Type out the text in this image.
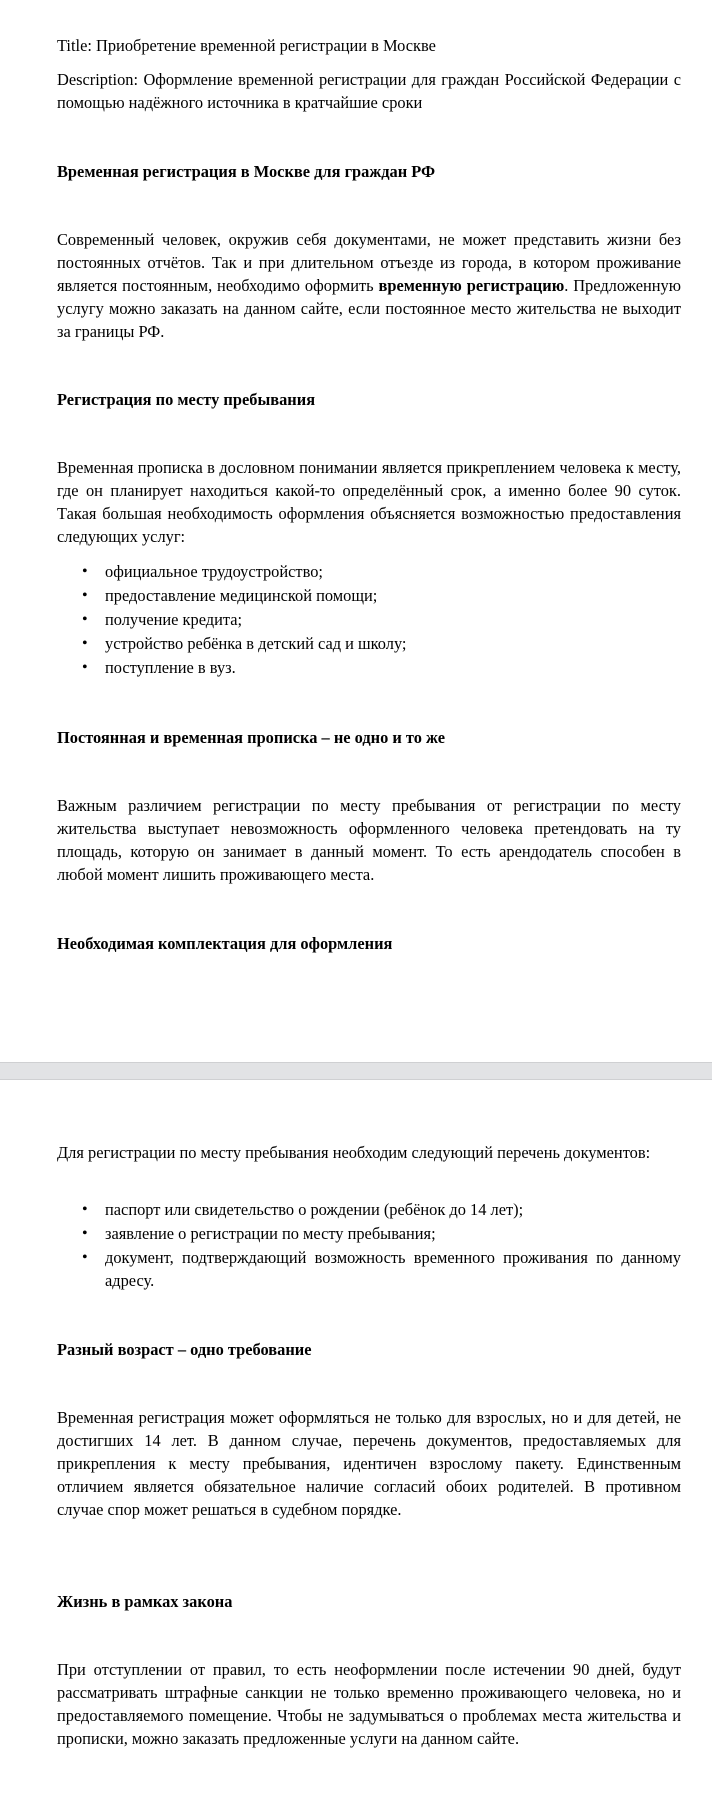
Title: Приобретение временной регистрации в Москве

Description: Оформление временной регистрации для граждан Российской Федерации с помощью надёжного источника в кратчайшие сроки

Временная регистрация в Москве для граждан РФ

Современный человек, окружив себя документами, не может представить жизни без постоянных отчётов. Так и при длительном отъезде из города, в котором проживание является постоянным, необходимо оформить временную регистрацию. Предложенную услугу можно заказать на данном сайте, если постоянное место жительства не выходит за границы РФ.

Регистрация по месту пребывания

Временная прописка в дословном понимании является прикреплением человека к месту, где он планирует находиться какой-то определённый срок, а именно более 90 суток. Такая большая необходимость оформления объясняется возможностью предоставления следующих услуг:

• официальное трудоустройство;
• предоставление медицинской помощи;
• получение кредита;
• устройство ребёнка в детский сад и школу;
• поступление в вуз.
Постоянная и временная прописка – не одно и то же

Важным различием регистрации по месту пребывания от регистрации по месту жительства выступает невозможность оформленного человека претендовать на ту площадь, которую он занимает в данный момент. То есть арендодатель способен в любой момент лишить проживающего места.

Необходимая комплектация для оформления

Для регистрации по месту пребывания необходим следующий перечень документов:

• паспорт или свидетельство о рождении (ребёнок до 14 лет);
• заявление о регистрации по месту пребывания;
• документ, подтверждающий возможность временного проживания по данному адресу.
Разный возраст – одно требование

Временная регистрация может оформляться не только для взрослых, но и для детей, не достигших 14 лет. В данном случае, перечень документов, предоставляемых для прикрепления к месту пребывания, идентичен взрослому пакету. Единственным отличием является обязательное наличие согласий обоих родителей. В противном случае спор может решаться в судебном порядке.

Жизнь в рамках закона

При отступлении от правил, то есть неоформлении после истечении 90 дней, будут рассматривать штрафные санкции не только временно проживающего человека, но и предоставляемого помещение. Чтобы не задумываться о проблемах места жительства и прописки, можно заказать предложенные услуги на данном сайте.
